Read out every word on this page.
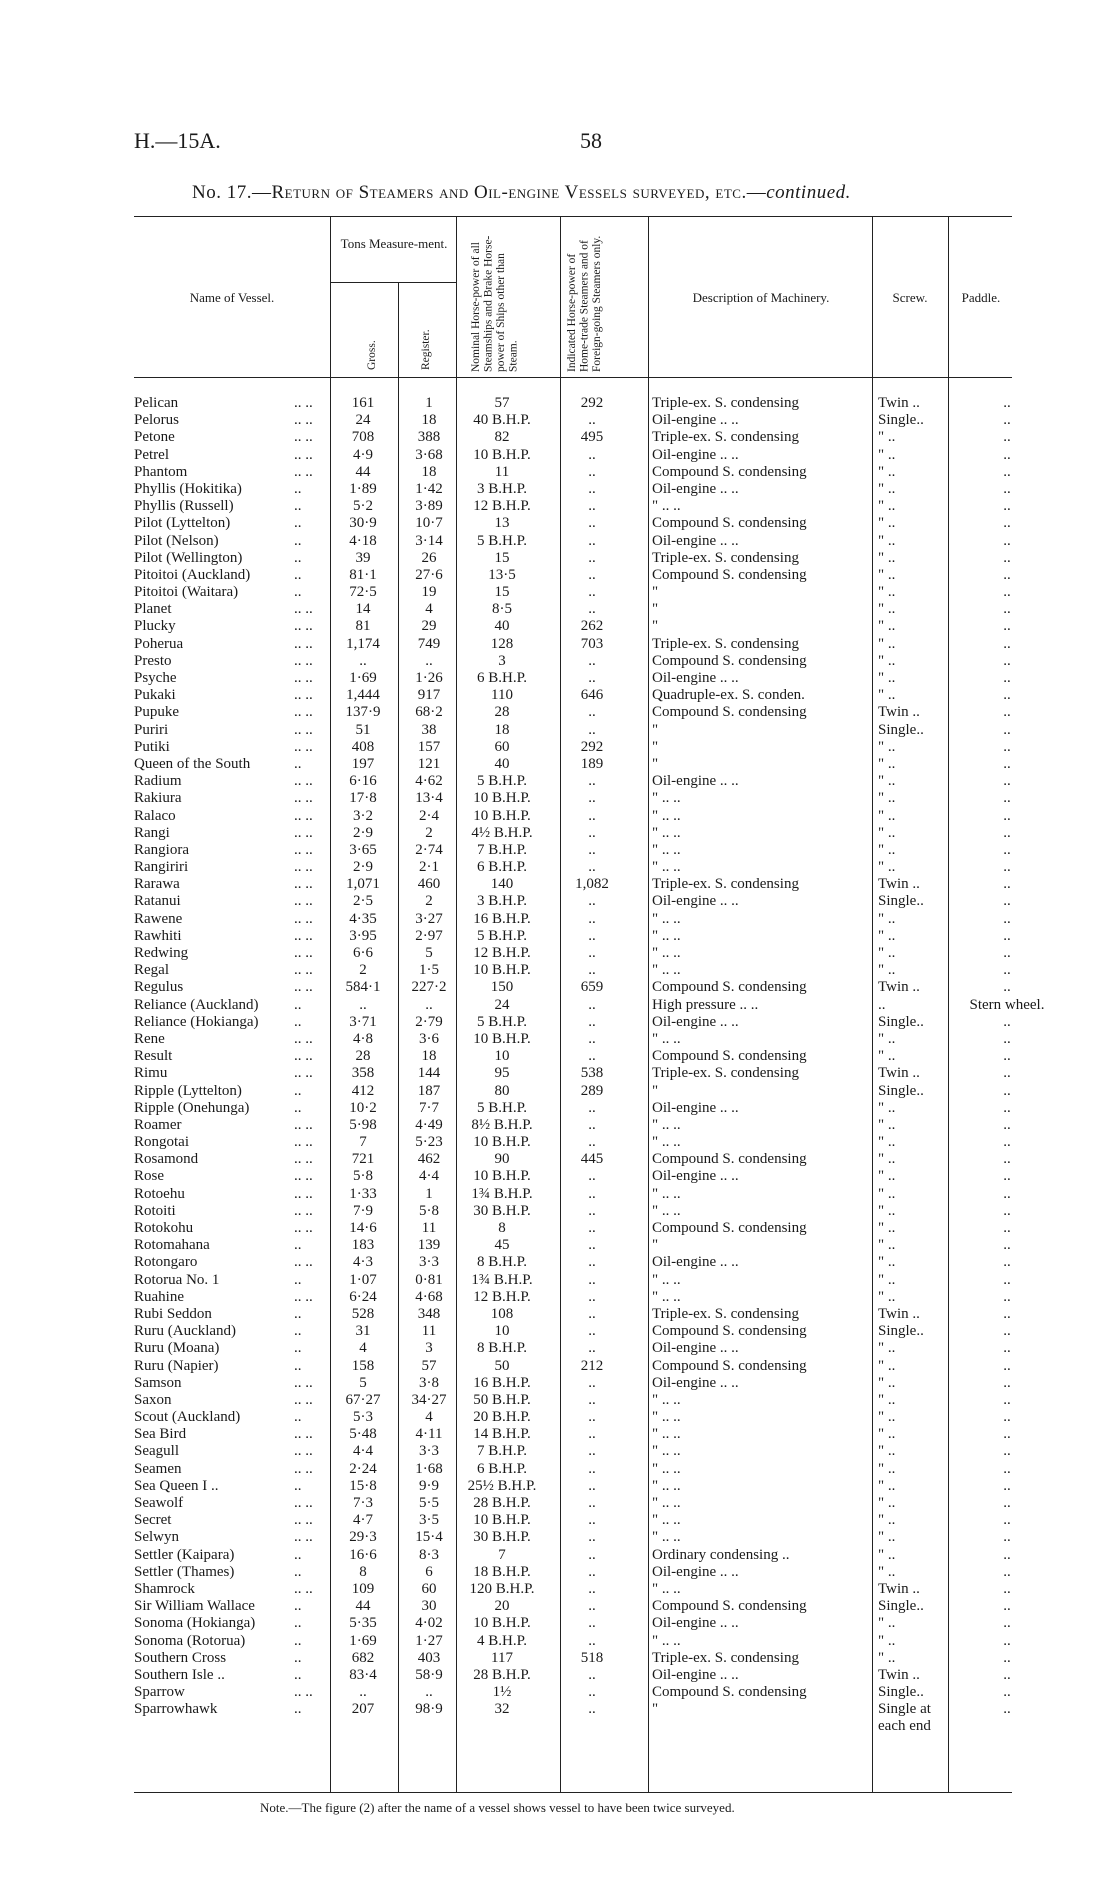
H.—15A.	58
No. 17.—Return of Steamers and Oil-engine Vessels surveyed, etc.—continued.
Name of Vessel.
Tons Measure-ment.
Gross.	Register.	Nominal Horse-power of all Steamships and Brake Horse-power of Ships other than Steam.	Indicated Horse-power of Home-trade Steamers and of Foreign-going Steamers only.	Description of Machinery.	Screw.	Paddle.
Pelican	.. ..	161	1	57	292	Triple-ex. S. condensing	Twin ..	..
Pelorus	.. ..	24	18	40 B.H.P.	..	Oil-engine .. ..	Single..	..
Petone	.. ..	708	388	82	495	Triple-ex. S. condensing	" ..	..
Petrel	.. ..	4·9	3·68	10 B.H.P.	..	Oil-engine .. ..	" ..	..
Phantom	.. ..	44	18	11	..	Compound S. condensing	" ..	..
Phyllis (Hokitika)	..	1·89	1·42	3 B.H.P.	..	Oil-engine .. ..	" ..	..
Phyllis (Russell)	..	5·2	3·89	12 B.H.P.	..	" .. ..	" ..	..
Pilot (Lyttelton)	..	30·9	10·7	13	..	Compound S. condensing	" ..	..
Pilot (Nelson)	..	4·18	3·14	5 B.H.P.	..	Oil-engine .. ..	" ..	..
Pilot (Wellington)	..	39	26	15	..	Triple-ex. S. condensing	" ..	..
Pitoitoi (Auckland)	..	81·1	27·6	13·5	..	Compound S. condensing	" ..	..
Pitoitoi (Waitara)	..	72·5	19	15	..	"	" ..	..
Planet	.. ..	14	4	8·5	..	"	" ..	..
Plucky	.. ..	81	29	40	262	"	" ..	..
Poherua	.. ..	1,174	749	128	703	Triple-ex. S. condensing	" ..	..
Presto	.. ..	..	..	3	..	Compound S. condensing	" ..	..
Psyche	.. ..	1·69	1·26	6 B.H.P.	..	Oil-engine .. ..	" ..	..
Pukaki	.. ..	1,444	917	110	646	Quadruple-ex. S. conden.	" ..	..
Pupuke	.. ..	137·9	68·2	28	..	Compound S. condensing	Twin ..	..
Puriri	.. ..	51	38	18	..	"	Single..	..
Putiki	.. ..	408	157	60	292	"	" ..	..
Queen of the South	..	197	121	40	189	"	" ..	..
Radium	.. ..	6·16	4·62	5 B.H.P.	..	Oil-engine .. ..	" ..	..
Rakiura	.. ..	17·8	13·4	10 B.H.P.	..	" .. ..	" ..	..
Ralaco	.. ..	3·2	2·4	10 B.H.P.	..	" .. ..	" ..	..
Rangi	.. ..	2·9	2	4½ B.H.P.	..	" .. ..	" ..	..
Rangiora	.. ..	3·65	2·74	7 B.H.P.	..	" .. ..	" ..	..
Rangiriri	.. ..	2·9	2·1	6 B.H.P.	..	" .. ..	" ..	..
Rarawa	.. ..	1,071	460	140	1,082	Triple-ex. S. condensing	Twin ..	..
Ratanui	.. ..	2·5	2	3 B.H.P.	..	Oil-engine .. ..	Single..	..
Rawene	.. ..	4·35	3·27	16 B.H.P.	..	" .. ..	" ..	..
Rawhiti	.. ..	3·95	2·97	5 B.H.P.	..	" .. ..	" ..	..
Redwing	.. ..	6·6	5	12 B.H.P.	..	" .. ..	" ..	..
Regal	.. ..	2	1·5	10 B.H.P.	..	" .. ..	" ..	..
Regulus	.. ..	584·1	227·2	150	659	Compound S. condensing	Twin ..	..
Reliance (Auckland)	..	..	..	24	..	High pressure .. ..	..	Stern wheel.
Reliance (Hokianga)	..	3·71	2·79	5 B.H.P.	..	Oil-engine .. ..	Single..	..
Rene	.. ..	4·8	3·6	10 B.H.P.	..	" .. ..	" ..	..
Result	.. ..	28	18	10	..	Compound S. condensing	" ..	..
Rimu	.. ..	358	144	95	538	Triple-ex. S. condensing	Twin ..	..
Ripple (Lyttelton)	..	412	187	80	289	"	Single..	..
Ripple (Onehunga)	..	10·2	7·7	5 B.H.P.	..	Oil-engine .. ..	" ..	..
Roamer	.. ..	5·98	4·49	8½ B.H.P.	..	" .. ..	" ..	..
Rongotai	.. ..	7	5·23	10 B.H.P.	..	" .. ..	" ..	..
Rosamond	.. ..	721	462	90	445	Compound S. condensing	" ..	..
Rose	.. ..	5·8	4·4	10 B.H.P.	..	Oil-engine .. ..	" ..	..
Rotoehu	.. ..	1·33	1	1¾ B.H.P.	..	" .. ..	" ..	..
Rotoiti	.. ..	7·9	5·8	30 B.H.P.	..	" .. ..	" ..	..
Rotokohu	.. ..	14·6	11	8	..	Compound S. condensing	" ..	..
Rotomahana	..	183	139	45	..	"	" ..	..
Rotongaro	.. ..	4·3	3·3	8 B.H.P.	..	Oil-engine .. ..	" ..	..
Rotorua No. 1	..	1·07	0·81	1¾ B.H.P.	..	" .. ..	" ..	..
Ruahine	.. ..	6·24	4·68	12 B.H.P.	..	" .. ..	" ..	..
Rubi Seddon	..	528	348	108	..	Triple-ex. S. condensing	Twin ..	..
Ruru (Auckland)	..	31	11	10	..	Compound S. condensing	Single..	..
Ruru (Moana)	..	4	3	8 B.H.P.	..	Oil-engine .. ..	" ..	..
Ruru (Napier)	..	158	57	50	212	Compound S. condensing	" ..	..
Samson	.. ..	5	3·8	16 B.H.P.	..	Oil-engine .. ..	" ..	..
Saxon	.. ..	67·27	34·27	50 B.H.P.	..	" .. ..	" ..	..
Scout (Auckland)	..	5·3	4	20 B.H.P.	..	" .. ..	" ..	..
Sea Bird	.. ..	5·48	4·11	14 B.H.P.	..	" .. ..	" ..	..
Seagull	.. ..	4·4	3·3	7 B.H.P.	..	" .. ..	" ..	..
Seamen	.. ..	2·24	1·68	6 B.H.P.	..	" .. ..	" ..	..
Sea Queen I ..	..	15·8	9·9	25½ B.H.P.	..	" .. ..	" ..	..
Seawolf	.. ..	7·3	5·5	28 B.H.P.	..	" .. ..	" ..	..
Secret	.. ..	4·7	3·5	10 B.H.P.	..	" .. ..	" ..	..
Selwyn	.. ..	29·3	15·4	30 B.H.P.	..	" .. ..	" ..	..
Settler (Kaipara)	..	16·6	8·3	7	..	Ordinary condensing ..	" ..	..
Settler (Thames)	..	8	6	18 B.H.P.	..	Oil-engine .. ..	" ..	..
Shamrock	.. ..	109	60	120 B.H.P.	..	" .. ..	Twin ..	..
Sir William Wallace	..	44	30	20	..	Compound S. condensing	Single..	..
Sonoma (Hokianga)	..	5·35	4·02	10 B.H.P.	..	Oil-engine .. ..	" ..	..
Sonoma (Rotorua)	..	1·69	1·27	4 B.H.P.	..	" .. ..	" ..	..
Southern Cross	..	682	403	117	518	Triple-ex. S. condensing	" ..	..
Southern Isle ..	..	83·4	58·9	28 B.H.P.	..	Oil-engine .. ..	Twin ..	..
Sparrow	.. ..	..	..	1½	..	Compound S. condensing	Single..	..
Sparrowhawk	..	207	98·9	32	..	"	Single at	..
each end
Note.—The figure (2) after the name of a vessel shows vessel to have been twice surveyed.
